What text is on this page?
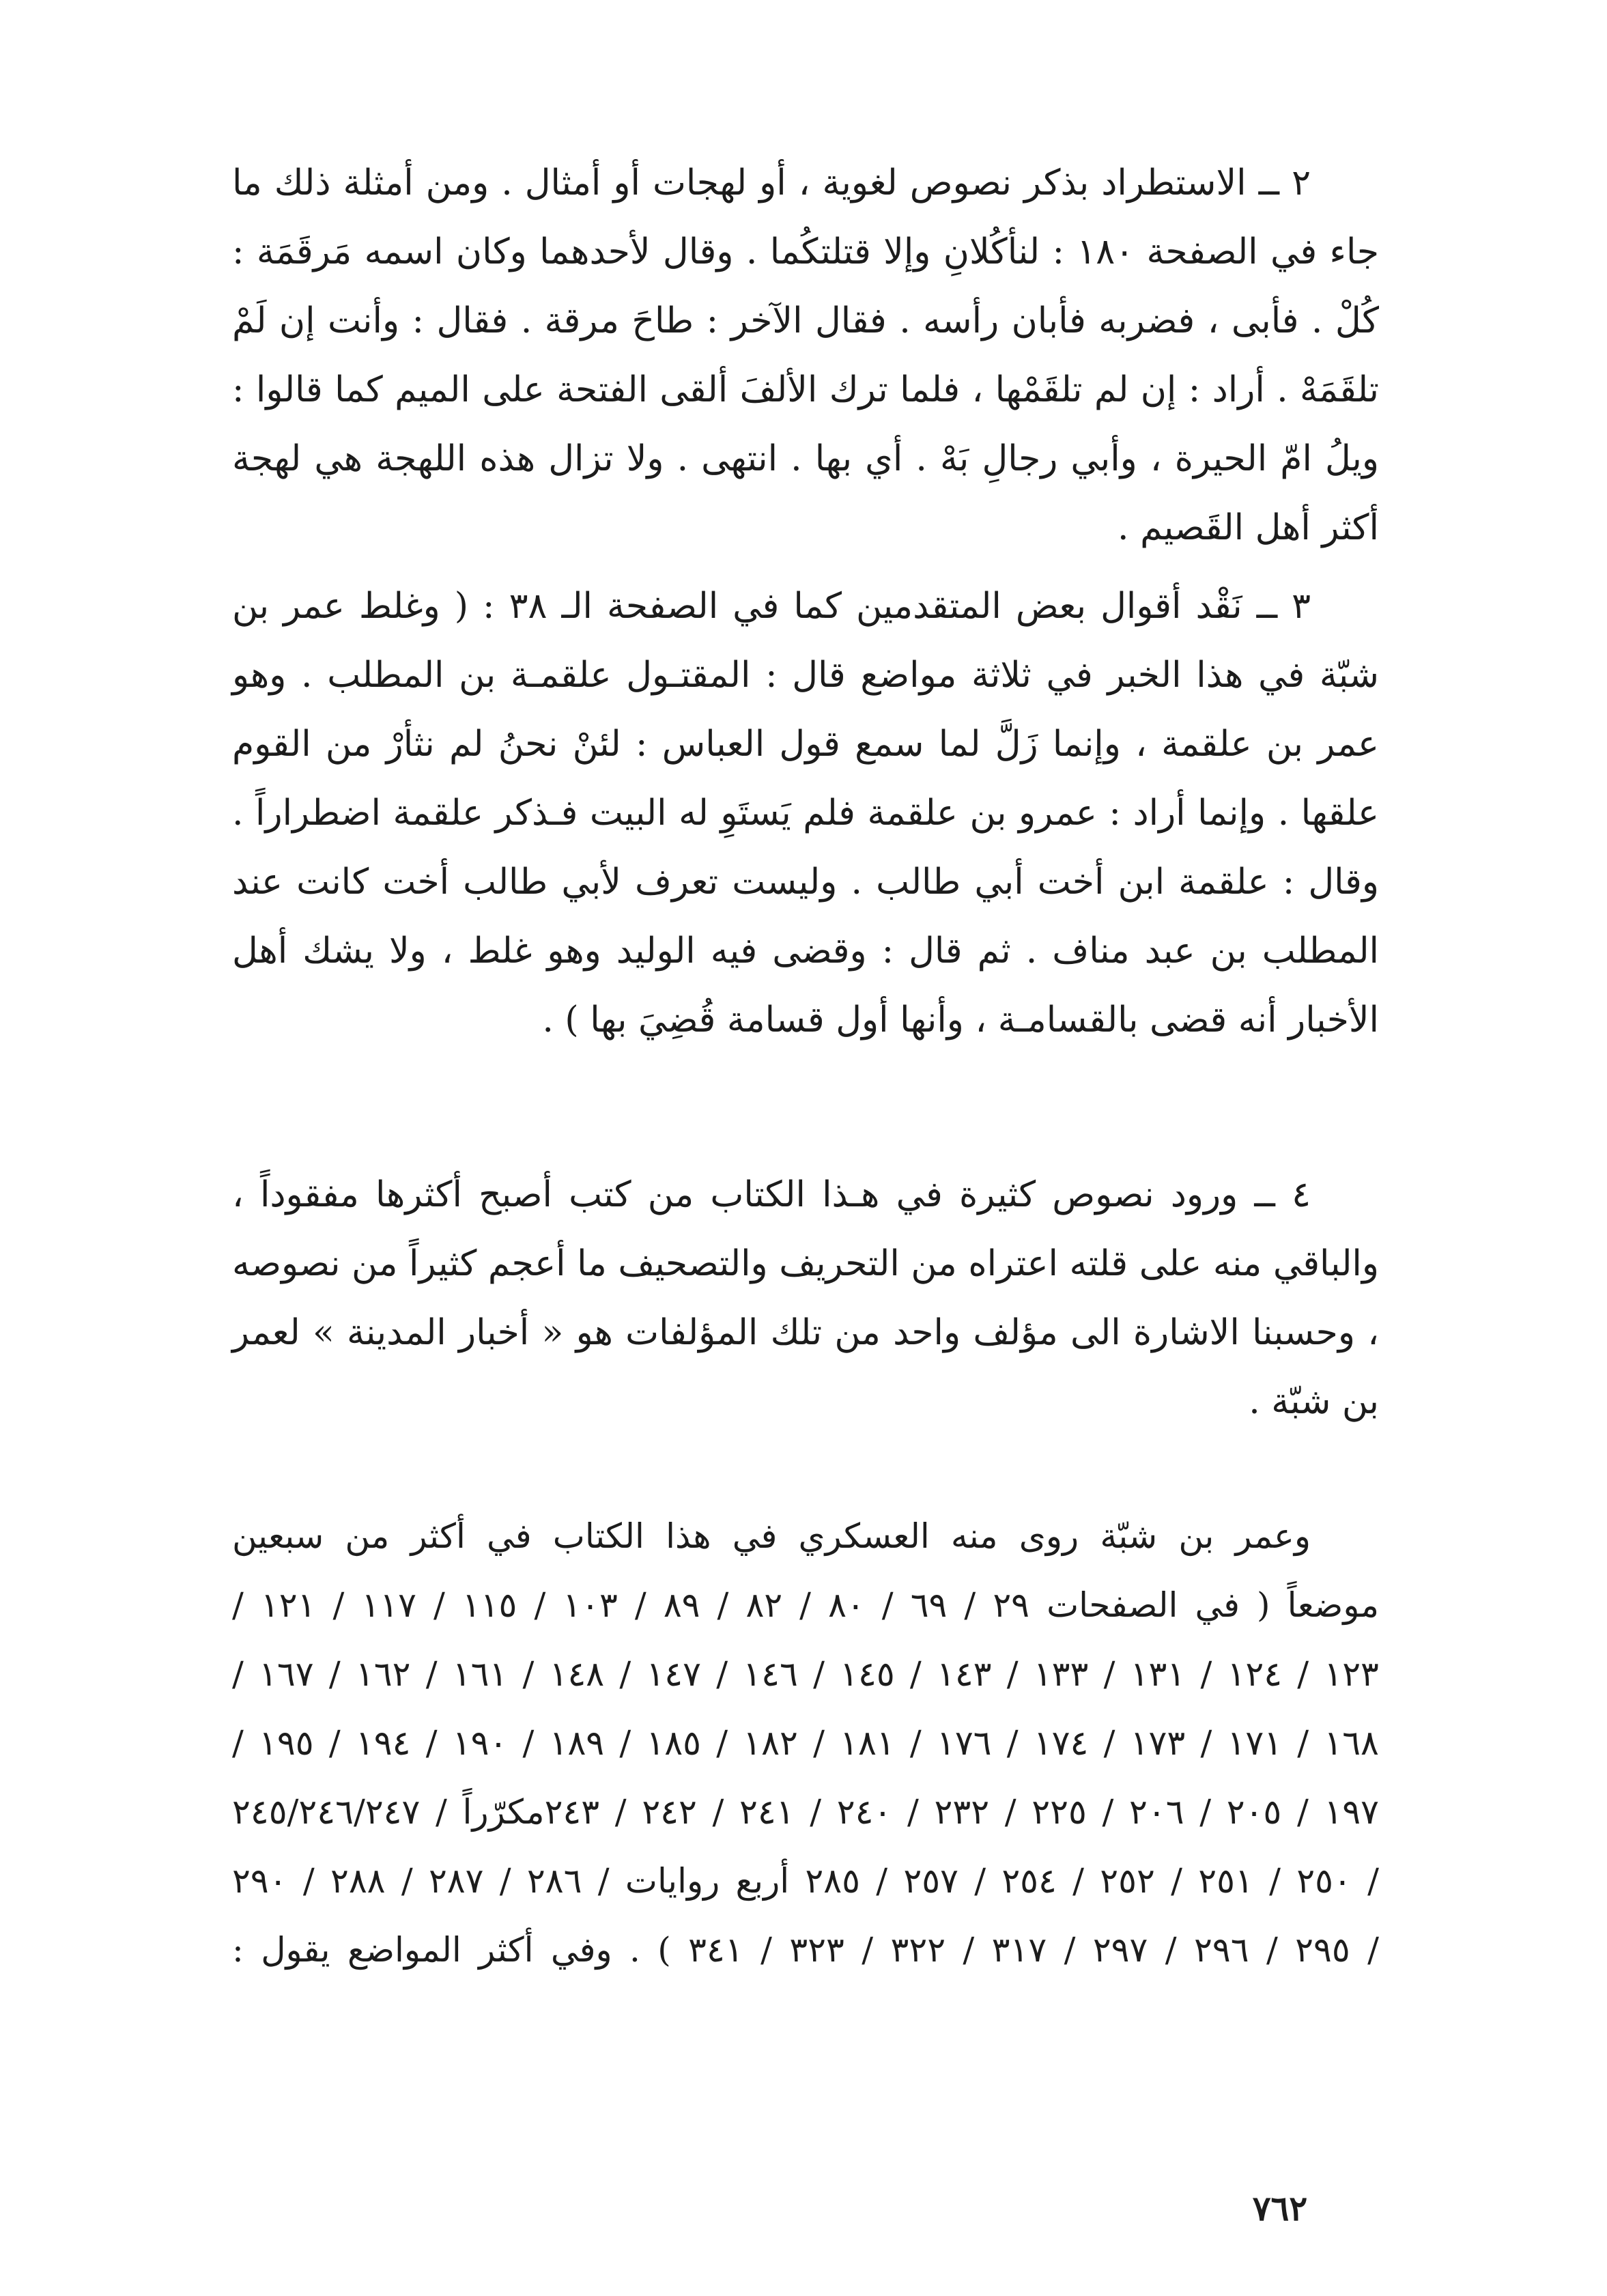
٢ ــ الاستطراد بذكر نصوص لغوية ، أو لهجات أو أمثال . ومن أمثلة ذلك ما جاء في الصفحة ١٨٠ : لنأكُلانِ وإلا قتلتكُما . وقال لأحدهما وكان اسمه مَرقَمَة : كُلْ . فأبى ، فضربه فأبان رأسه . فقال الآخر : طاحَ مرقة . فقال : وأنت إن لَمْ تلقَمَهْ . أراد : إن لم تلقَمْها ، فلما ترك الألفَ ألقى الفتحة على الميم كما قالوا : ويلُ امّ الحيرة ، وأبي رجالِ بَهْ . أي بها . انتهى . ولا تزال هذه اللهجة هي لهجة أكثر أهل القَصيم .

٣ ــ نَقْد أقوال بعض المتقدمين كما في الصفحة الـ ٣٨ : ( وغلط عمر بن شبّة في هذا الخبر في ثلاثة مواضع قال : المقتـول علقمـة بن المطلب . وهو عمر بن علقمة ، وإنما زَلَّ لما سمع قول العباس : لئنْ نحنُ لم نثأرْ من القوم علقها . وإنما أراد : عمرو بن علقمة فلم يَستَوِ له البيت فـذكر علقمة اضطراراً . وقال : علقمة ابن أخت أبي طالب . وليست تعرف لأبي طالب أخت كانت عند المطلب بن عبد مناف . ثم قال : وقضى فيه الوليد وهو غلط ، ولا يشك أهل الأخبار أنه قضى بالقسامـة ، وأنها أول قسامة قُضِيَ بها ) .

٤ ــ ورود نصوص كثيرة في هـذا الكتاب من كتب أصبح أكثرها مفقوداً ، والباقي منه على قلته اعتراه من التحريف والتصحيف ما أعجم كثيراً من نصوصه ، وحسبنا الاشارة الى مؤلف واحد من تلك المؤلفات هو « أخبار المدينة » لعمر بن شبّة .

وعمر بن شبّة روى منه العسكري في هذا الكتاب في أكثر من سبعين موضعاً ( في الصفحات ٢٩ / ٦٩ / ٨٠ / ٨٢ / ٨٩ / ١٠٣ / ١١٥ / ١١٧ / ١٢١ / ١٢٣ / ١٢٤ / ١٣١ / ١٣٣ / ١٤٣ / ١٤٥ / ١٤٦ / ١٤٧ / ١٤٨ / ١٦١ / ١٦٢ / ١٦٧ / ١٦٨ / ١٧١ / ١٧٣ / ١٧٤ / ١٧٦ / ١٨١ / ١٨٢ / ١٨٥ / ١٨٩ / ١٩٠ / ١٩٤ / ١٩٥ / ١٩٧ / ٢٠٥ / ٢٠٦ / ٢٢٥ / ٢٣٢ / ٢٤٠ / ٢٤١ / ٢٤٢ / ٢٤٣مكرّراً / ٢٤٥/٢٤٦/٢٤٧ / ٢٥٠ / ٢٥١ / ٢٥٢ / ٢٥٤ / ٢٥٧ / ٢٨٥ أربع روايات / ٢٨٦ / ٢٨٧ / ٢٨٨ / ٢٩٠ / ٢٩٥ / ٢٩٦ / ٢٩٧ / ٣١٧ / ٣٢٢ / ٣٢٣ / ٣٤١ ) . وفي أكثر المواضع يقول :
٧٦٢
